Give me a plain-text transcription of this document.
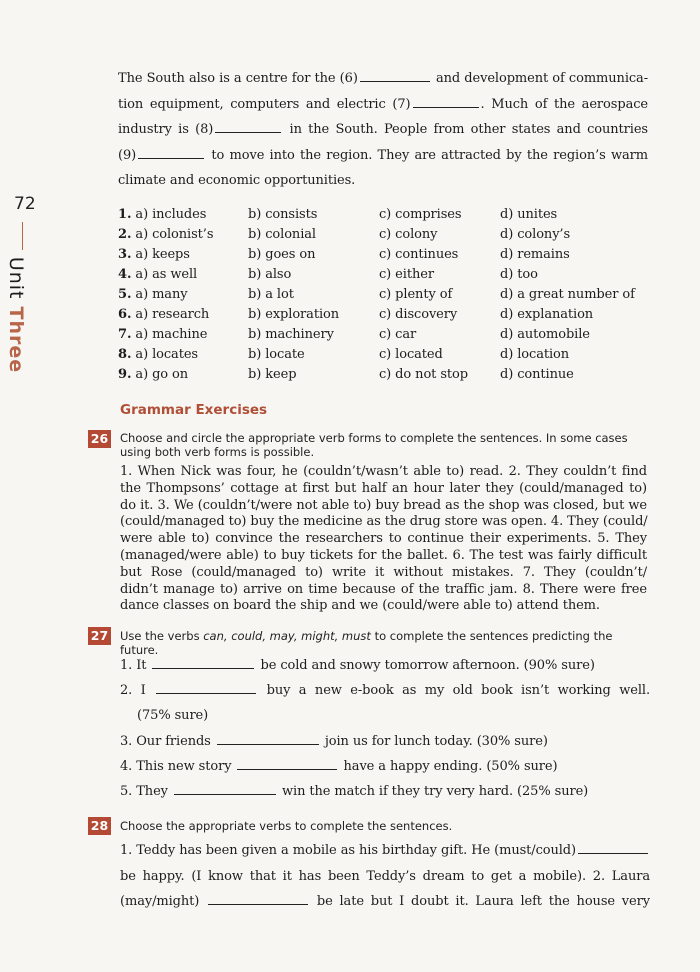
72
Unit Three
The South also is a centre for the (6)	and development of communica-
tion equipment, computers and electric (7)	. Much of the aerospace
industry is (8)	in the South. People from other states and countries
(9)	to move into the region. They are attracted by the region’s warm
climate and economic opportunities.
1. a) includes	b) consists	c) comprises	d) unites
2. a) colonist’s	b) colonial	c) colony	d) colony’s
3. a) keeps	b) goes on	c) continues	d) remains
4. a) as well	b) also	c) either	d) too
5. a) many	b) a lot	c) plenty of	d) a great number of
6. a) research	b) exploration	c) discovery	d) explanation
7. a) machine	b) machinery	c) car	d) automobile
8. a) locates	b) locate	c) located	d) location
9. a) go on	b) keep	c) do not stop d) continue
Grammar Exercises
26 Choose and circle the appropriate verb forms to complete the sentences. In some cases using both verb forms is possible.
1. When Nick was four, he (couldn’t/wasn’t able to) read. 2. They couldn’t find
the Thompsons’ cottage at first but half an hour later they (could/managed to)
do it. 3. We (couldn’t/were not able to) buy bread as the shop was closed, but we
(could/managed to) buy the medicine as the drug store was open. 4. They (could/
were able to) convince the researchers to continue their experiments. 5. They
(managed/were able) to buy tickets for the ballet. 6. The test was fairly difficult
but Rose (could/managed to) write it without mistakes. 7. They (couldn’t/
didn’t manage to) arrive on time because of the traffic jam. 8. There were free
dance classes on board the ship and we (could/were able to) attend them.
27 Use the verbs can, could, may, might, must to complete the sentences predicting the future.
1. It	be cold and snowy tomorrow afternoon. (90% sure)
2. I	buy a new e-book as my old book isn’t working well.
(75% sure)
3. Our friends	join us for lunch today. (30% sure)
4. This new story	have a happy ending. (50% sure)
5. They	win the match if they try very hard. (25% sure)
28 Choose the appropriate verbs to complete the sentences.
1. Teddy has been given a mobile as his birthday gift. He (must/could)
be happy. (I know that it has been Teddy’s dream to get a mobile). 2. Laura
(may/might)	be late but I doubt it. Laura left the house very
